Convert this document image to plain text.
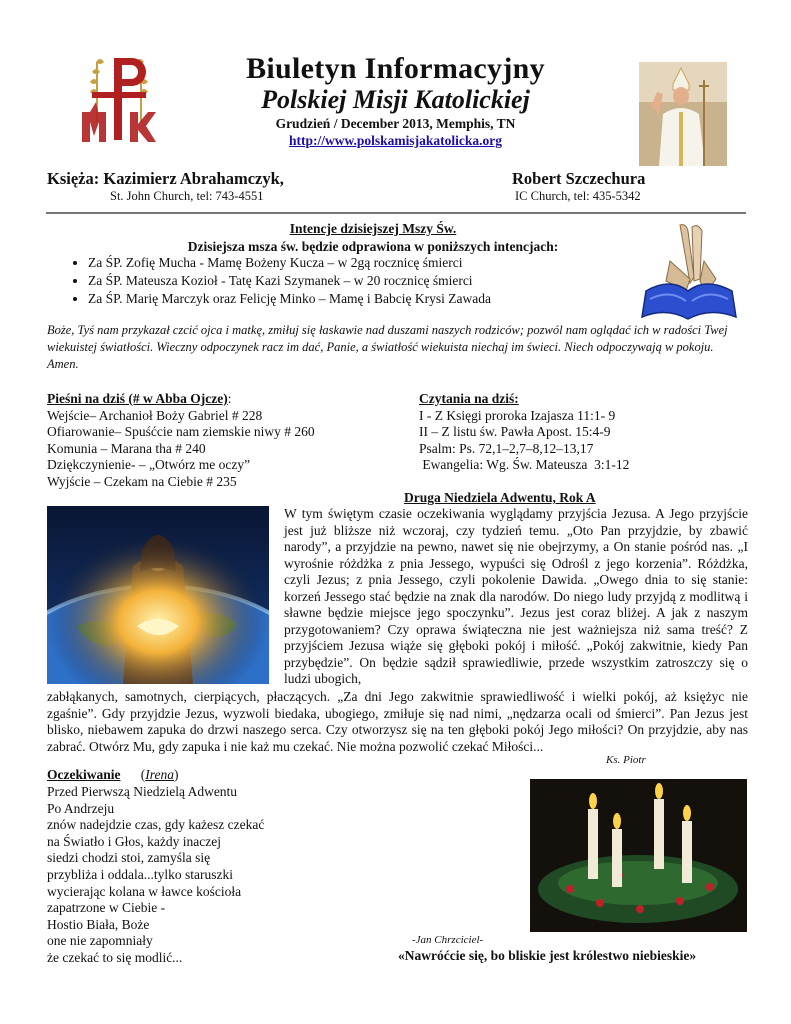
Biuletyn Informacyjny
Polskiej Misji Katolickiej
Grudzień / December 2013, Memphis, TN
http://www.polskamisjakatolicka.org
Księża: Kazimierz Abrahamczyk,	Robert Szczechura
St. John Church, tel: 743-4551	IC Church, tel: 435-5342
Intencje dzisiejszej Mszy Św.
Dzisiejsza msza św. będzie odprawiona w poniższych intencjach:
• Za ŚP. Zofię Mucha - Mamę Bożeny Kucza – w 2gą rocznicę śmierci
• Za ŚP. Mateusza Kozioł - Tatę Kazi Szymanek – w 20 rocznicę śmierci
• Za ŚP. Marię Marczyk oraz Felicję Minko – Mamę i Babcię Krysi Zawada
Boże, Tyś nam przykazał czcić ojca i matkę, zmiłuj się łaskawie nad duszami naszych rodziców; pozwól nam oglądać ich w radości Twej wiekuistej światłości. Wieczny odpoczynek racz im dać, Panie, a światłość wiekuista niechaj im świeci. Niech odpoczywają w pokoju. Amen.
Pieśni na dziś (# w Abba Ojcze):
Wejście– Archanioł Boży Gabriel # 228
Ofiarowanie– Spuśćcie nam ziemskie niwy # 260
Komunia – Marana tha # 240
Dziękczynienie- – „Otwórz me oczy”
Wyjście – Czekam na Ciebie # 235
Czytania na dziś:
I - Z Księgi proroka Izajasza 11:1- 9
II – Z listu św. Pawła Apost. 15:4-9
Psalm: Ps. 72,1–2,7–8,12–13,17
Ewangelia: Wg. Św. Mateusza  3:1-12
Druga Niedziela Adwentu, Rok A
W tym świętym czasie oczekiwania wyglądamy przyjścia Jezusa. A Jego przyjście jest już bliższe niż wczoraj, czy tydzień temu. „Oto Pan przyjdzie, by zbawić narody”, a przyjdzie na pewno, nawet się nie obejrzymy, a On stanie pośród nas. „I wyrośnie różdżka z pnia Jessego, wypuści się Odrośl z jego korzenia”. Różdżka, czyli Jezus; z pnia Jessego, czyli pokolenie Dawida. „Owego dnia to się stanie: korzeń Jessego stać będzie na znak dla narodów. Do niego ludy przyjdą z modlitwą i sławne będzie miejsce jego spoczynku”. Jezus jest coraz bliżej. A jak z naszym przygotowaniem? Czy oprawa świąteczna nie jest ważniejsza niż sama treść? Z przyjściem Jezusa wiąże się głęboki pokój i miłość. „Pokój zakwitnie, kiedy Pan przybędzie”. On będzie sądził sprawiedliwie, przede wszystkim zatroszczy się o ludzi ubogich,
zabłąkanych, samotnych, cierpiących, płaczących. „Za dni Jego zakwitnie sprawiedliwość i wielki pokój, aż księżyc nie zgaśnie”. Gdy przyjdzie Jezus, wyzwoli biedaka, ubogiego, zmiłuje się nad nimi, „nędzarza ocali od śmierci”. Pan Jezus jest blisko, niebawem zapuka do drzwi naszego serca. Czy otworzysz się na ten głęboki pokój Jego miłości? On przyjdzie, aby nas zabrać. Otwórz Mu, gdy zapuka i nie każ mu czekać. Nie można pozwolić czekać Miłości...
Ks. Piotr
Oczekiwanie      (Irena)
Przed Pierwszą Niedzielą Adwentu
Po Andrzeju
znów nadejdzie czas, gdy każesz czekać
na Światło i Głos, każdy inaczej
siedzi chodzi stoi, zamyśla się
przybliża i oddala...tylko staruszki
wycierając kolana w ławce kościoła
zapatrzone w Ciebie -
Hostio Biała, Boże
one nie zapomniały
że czekać to się modlić...
-Jan Chrzciciel-
«Nawróćcie się, bo bliskie jest królestwo niebieskie»
